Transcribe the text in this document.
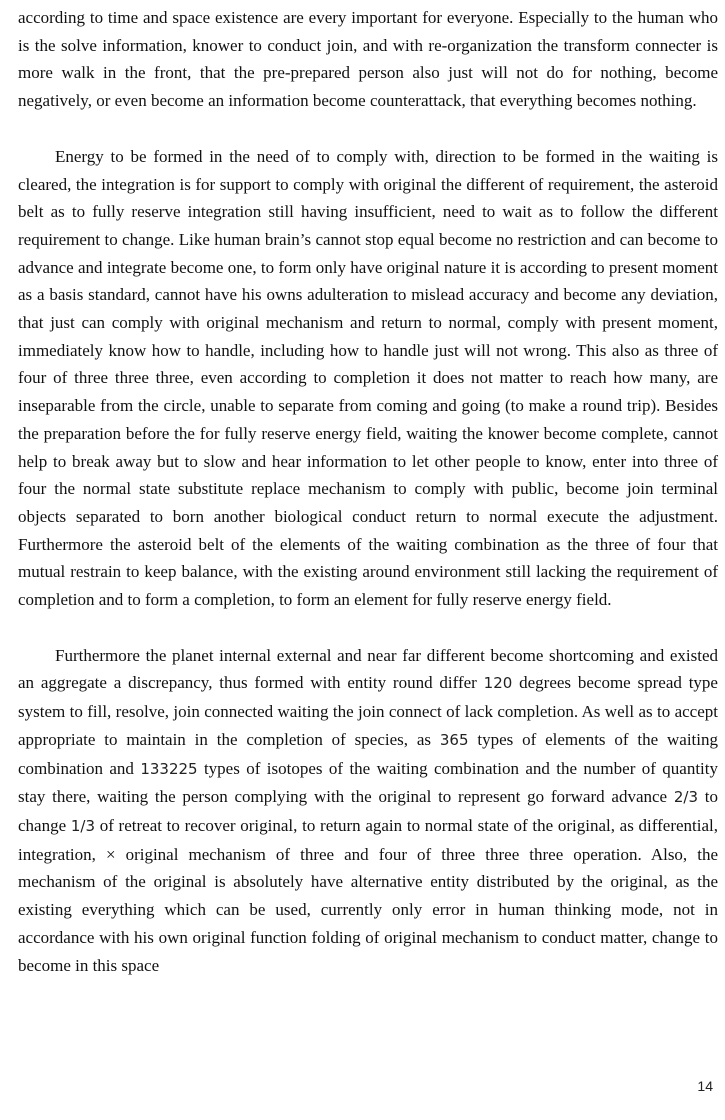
according to time and space existence are every important for everyone. Especially to the human who is the solve information, knower to conduct join, and with re-organization the transform connecter is more walk in the front, that the pre-prepared person also just will not do for nothing, become negatively, or even become an information become counterattack, that everything becomes nothing.

Energy to be formed in the need of to comply with, direction to be formed in the waiting is cleared, the integration is for support to comply with original the different of requirement, the asteroid belt as to fully reserve integration still having insufficient, need to wait as to follow the different requirement to change. Like human brain’s cannot stop equal become no restriction and can become to advance and integrate become one, to form only have original nature it is according to present moment as a basis standard, cannot have his owns adulteration to mislead accuracy and become any deviation, that just can comply with original mechanism and return to normal, comply with present moment, immediately know how to handle, including how to handle just will not wrong. This also as three of four of three three three, even according to completion it does not matter to reach how many, are inseparable from the circle, unable to separate from coming and going (to make a round trip). Besides the preparation before the for fully reserve energy field, waiting the knower become complete, cannot help to break away but to slow and hear information to let other people to know, enter into three of four the normal state substitute replace mechanism to comply with public, become join terminal objects separated to born another biological conduct return to normal execute the adjustment. Furthermore the asteroid belt of the elements of the waiting combination as the three of four that mutual restrain to keep balance, with the existing around environment still lacking the requirement of completion and to form a completion, to form an element for fully reserve energy field.

Furthermore the planet internal external and near far different become shortcoming and existed an aggregate a discrepancy, thus formed with entity round differ 120 degrees become spread type system to fill, resolve, join connected waiting the join connect of lack completion. As well as to accept appropriate to maintain in the completion of species, as 365 types of elements of the waiting combination and 133225 types of isotopes of the waiting combination and the number of quantity stay there, waiting the person complying with the original to represent go forward advance 2/3 to change 1/3 of retreat to recover original, to return again to normal state of the original, as differential, integration, × original mechanism of three and four of three three three operation. Also, the mechanism of the original is absolutely have alternative entity distributed by the original, as the existing everything which can be used, currently only error in human thinking mode, not in accordance with his own original function folding of original mechanism to conduct matter, change to become in this space

14
